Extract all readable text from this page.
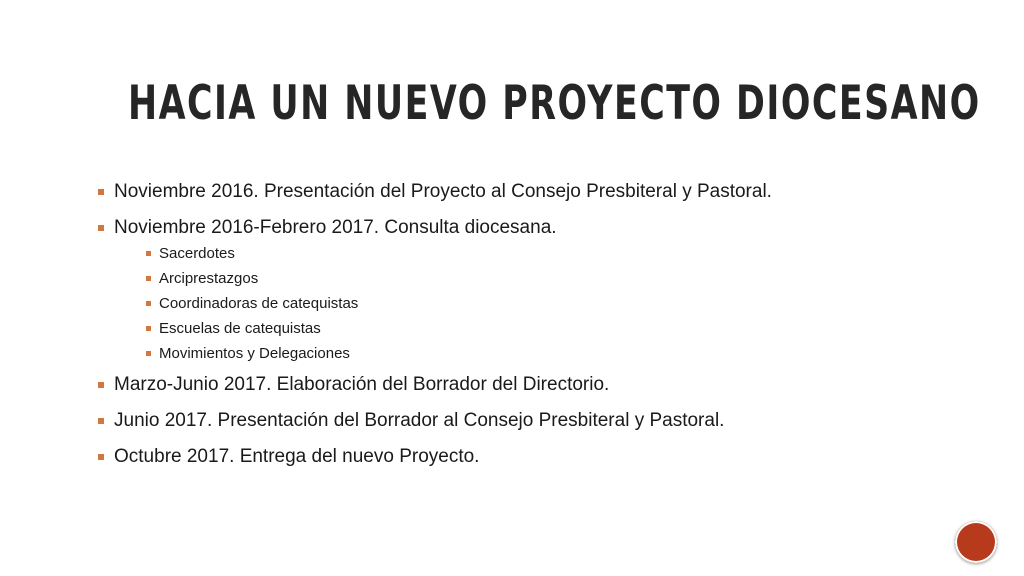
HACIA UN NUEVO PROYECTO DIOCESANO
Noviembre 2016. Presentación del Proyecto al Consejo Presbiteral y Pastoral.
Noviembre 2016-Febrero 2017. Consulta diocesana.
Sacerdotes
Arciprestazgos
Coordinadoras de catequistas
Escuelas de catequistas
Movimientos y Delegaciones
Marzo-Junio 2017. Elaboración del Borrador del Directorio.
Junio 2017. Presentación del Borrador al Consejo Presbiteral y Pastoral.
Octubre 2017. Entrega del nuevo Proyecto.
